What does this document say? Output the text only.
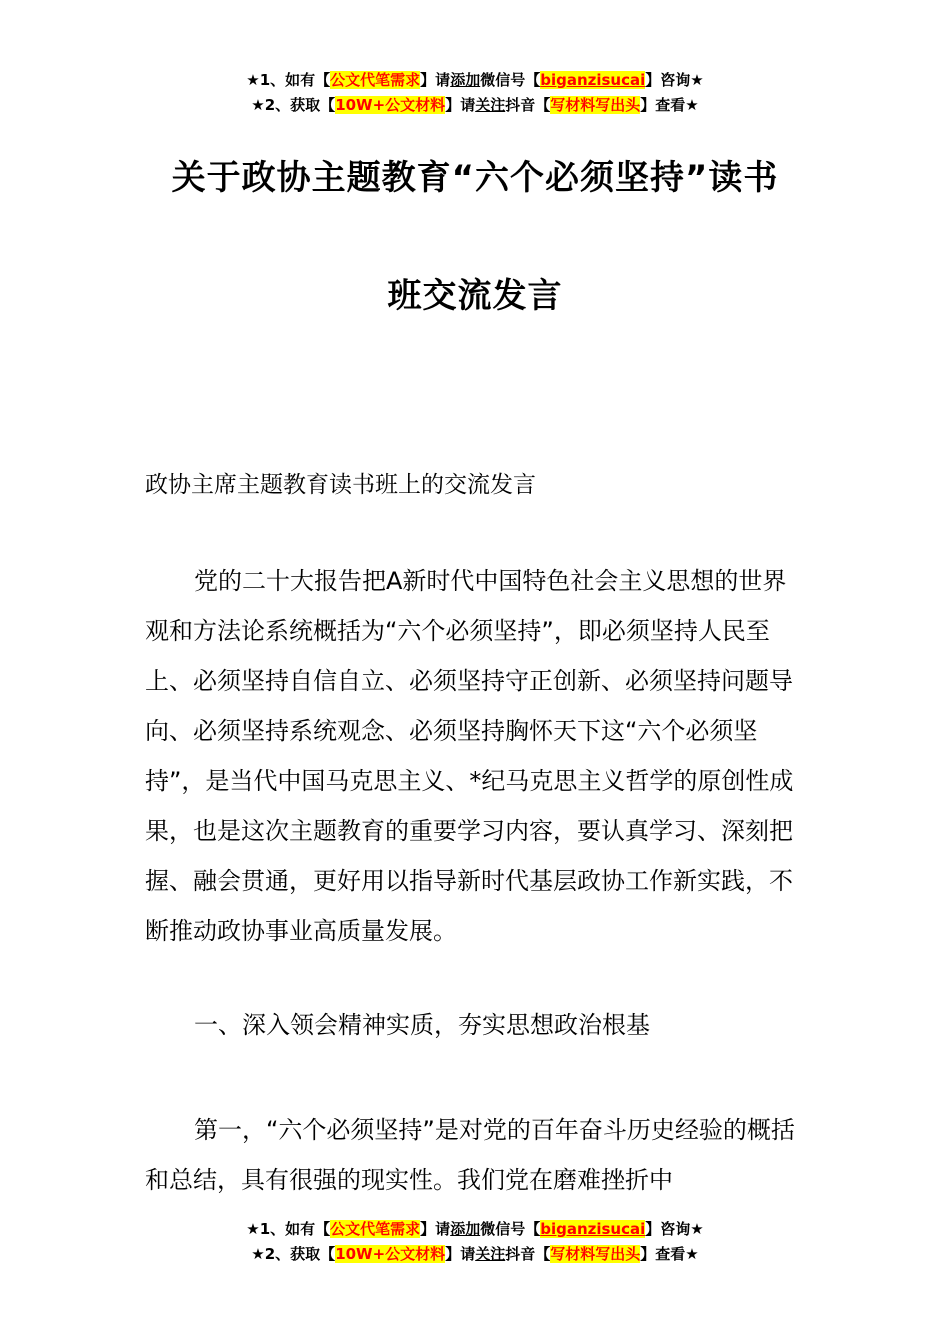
★1、如有【公文代笔需求】请添加微信号【biganzisucai】咨询★
★2、获取【10W+公文材料】请关注抖音【写材料写出头】查看★
关于政协主题教育“六个必须坚持”读书
班交流发言
政协主席主题教育读书班上的交流发言

党的二十大报告把A新时代中国特色社会主义思想的世界观和方法论系统概括为“六个必须坚持”，即必须坚持人民至上、必须坚持自信自立、必须坚持守正创新、必须坚持问题导向、必须坚持系统观念、必须坚持胸怀天下这“六个必须坚持”，是当代中国马克思主义、*纪马克思主义哲学的原创性成果，也是这次主题教育的重要学习内容，要认真学习、深刻把握、融会贯通，更好用以指导新时代基层政协工作新实践，不断推动政协事业高质量发展。

一、深入领会精神实质，夯实思想政治根基

第一，“六个必须坚持”是对党的百年奋斗历史经验的概括和总结，具有很强的现实性。我们党在磨难挫折中

★1、如有【公文代笔需求】请添加微信号【biganzisucai】咨询★
★2、获取【10W+公文材料】请关注抖音【写材料写出头】查看★
